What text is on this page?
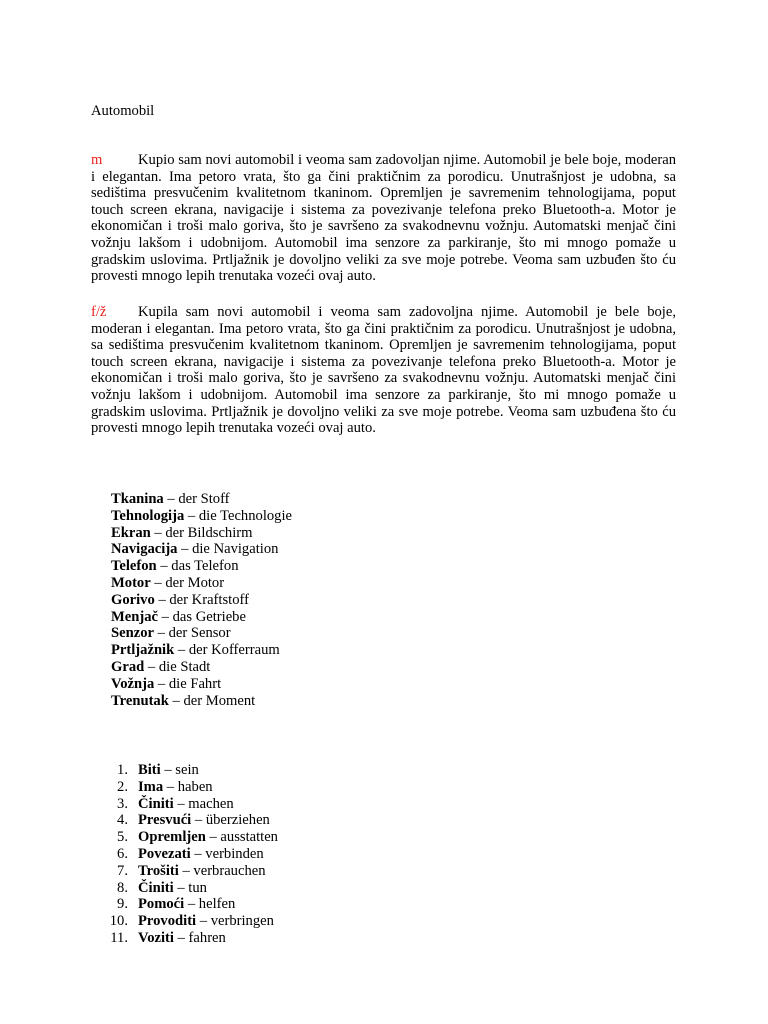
Automobil
m Kupio sam novi automobil i veoma sam zadovoljan njime. Automobil je bele boje, moderan i elegantan. Ima petoro vrata, što ga čini praktičnim za porodicu. Unutrašnjost je udobna, sa sedištima presvučenim kvalitetnom tkaninom. Opremljen je savremenim tehnologijama, poput touch screen ekrana, navigacije i sistema za povezivanje telefona preko Bluetooth-a. Motor je ekonomičan i troši malo goriva, što je savršeno za svakodnevnu vožnju. Automatski menjač čini vožnju lakšom i udobnijom. Automobil ima senzore za parkiranje, što mi mnogo pomaže u gradskim uslovima. Prtljažnik je dovoljno veliki za sve moje potrebe. Veoma sam uzbuđen što ću provesti mnogo lepih trenutaka vozeći ovaj auto.
f/ž Kupila sam novi automobil i veoma sam zadovoljna njime. Automobil je bele boje, moderan i elegantan. Ima petoro vrata, što ga čini praktičnim za porodicu. Unutrašnjost je udobna, sa sedištima presvučenim kvalitetnom tkaninom. Opremljen je savremenim tehnologijama, poput touch screen ekrana, navigacije i sistema za povezivanje telefona preko Bluetooth-a. Motor je ekonomičan i troši malo goriva, što je savršeno za svakodnevnu vožnju. Automatski menjač čini vožnju lakšom i udobnijom. Automobil ima senzore za parkiranje, što mi mnogo pomaže u gradskim uslovima. Prtljažnik je dovoljno veliki za sve moje potrebe. Veoma sam uzbuđena što ću provesti mnogo lepih trenutaka vozeći ovaj auto.
Tkanina – der Stoff
Tehnologija – die Technologie
Ekran – der Bildschirm
Navigacija – die Navigation
Telefon – das Telefon
Motor – der Motor
Gorivo – der Kraftstoff
Menjač – das Getriebe
Senzor – der Sensor
Prtljažnik – der Kofferraum
Grad – die Stadt
Vožnja – die Fahrt
Trenutak – der Moment
1. Biti – sein
2. Ima – haben
3. Činiti – machen
4. Presvući – überziehen
5. Opremljen – ausstatten
6. Povezati – verbinden
7. Trošiti – verbrauchen
8. Činiti – tun
9. Pomoći – helfen
10. Provoditi – verbringen
11. Voziti – fahren
